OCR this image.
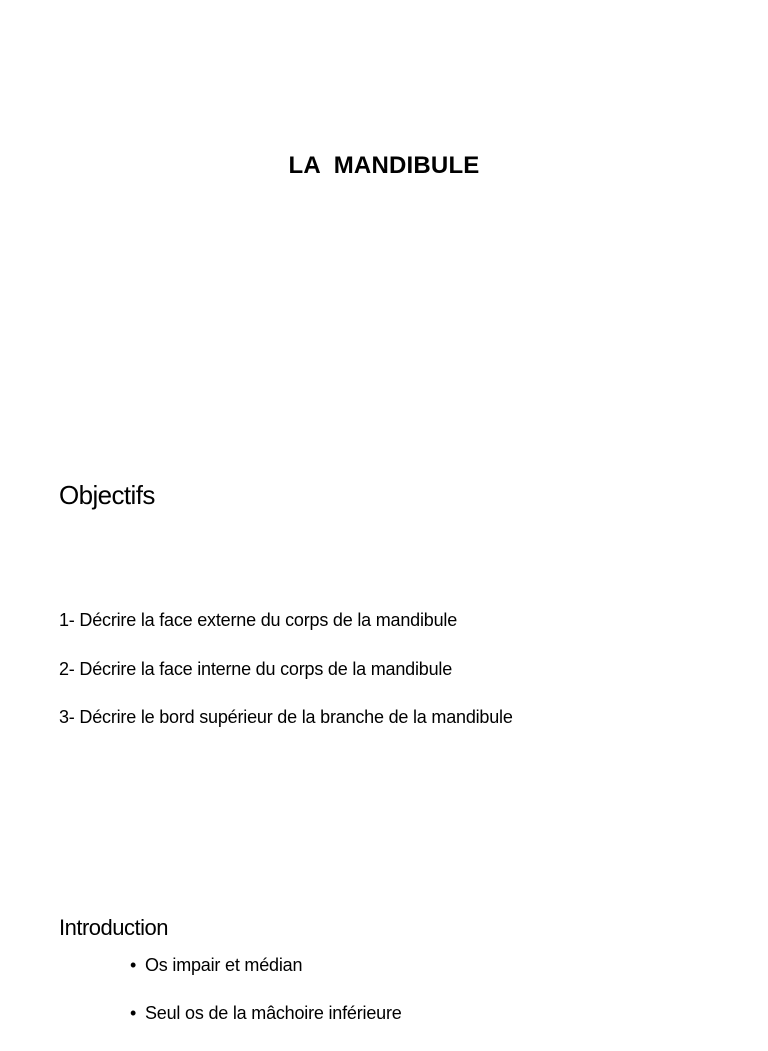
LA  MANDIBULE
Objectifs
1- Décrire la face externe du corps de la mandibule
2- Décrire la face interne du corps de la mandibule
3- Décrire le bord supérieur de la branche de la mandibule
Introduction
• Os impair et médian
• Seul os de la mâchoire inférieure
